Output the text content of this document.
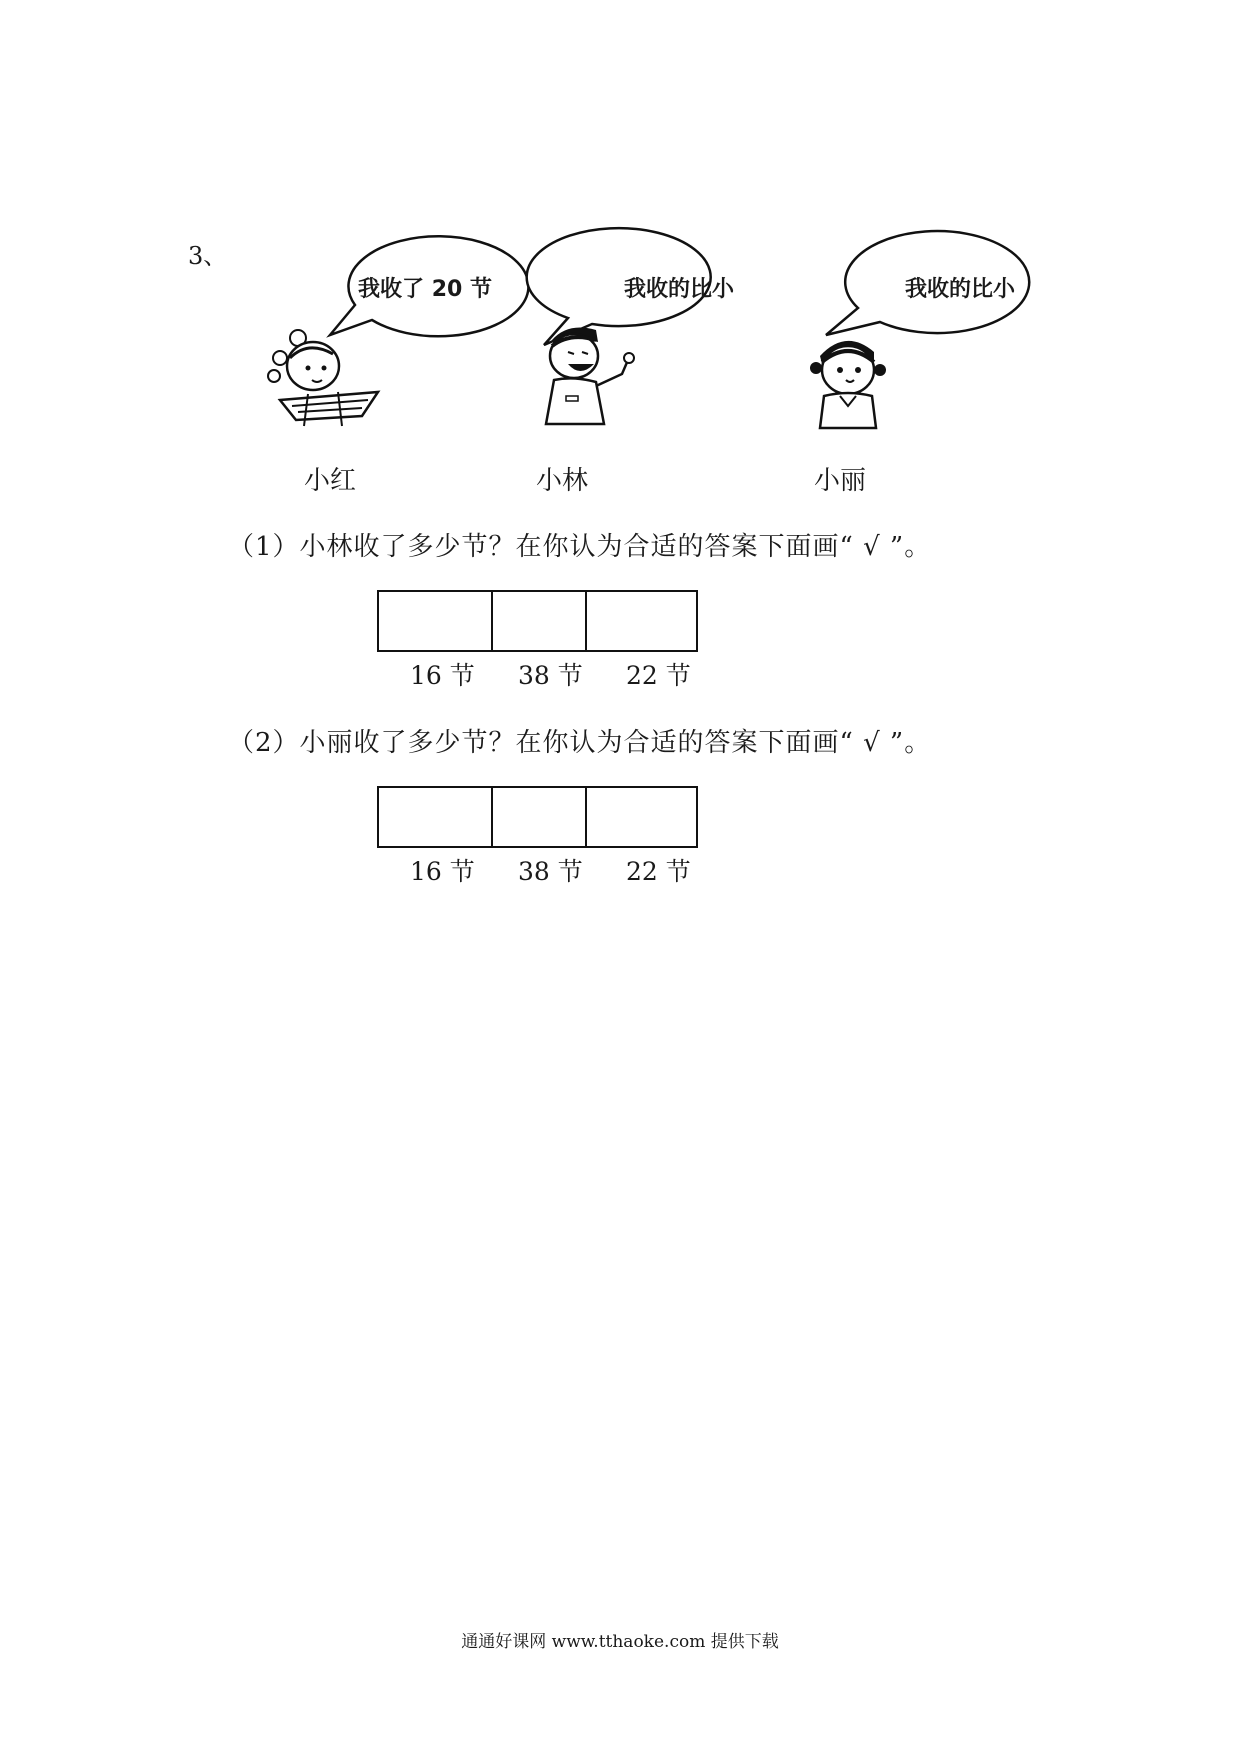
3、
我收了 20 节	我收的比小	我收的比小
小红	小林	小丽
（1）小林收了多少节？在你认为合适的答案下面画“ √ ”。
16 节 38 节 22 节
（2）小丽收了多少节？在你认为合适的答案下面画“ √ ”。
16 节 38 节 22 节
通通好课网 www.tthaoke.com 提供下载
